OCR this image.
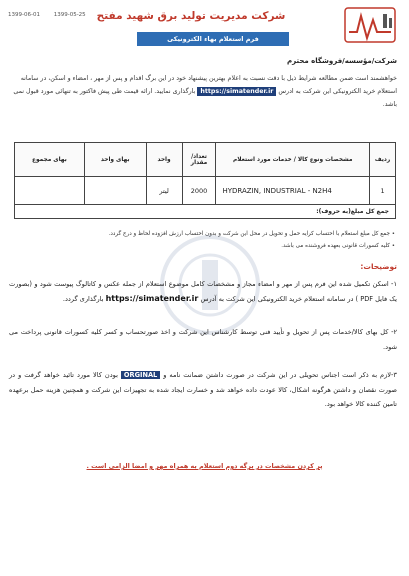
شرکت مدیریت تولید برق شهید مفتح
فرم استعلام بهاء الکترونیکی
1399-06-01	1399-05-25
شرکت/مؤسسه/فروشگاه محترم
خواهشمند است ضمن مطالعه شرایط ذیل با دقت نسبت به اعلام بهترین پیشنهاد خود در این برگ اقدام و پس از مهر ، امضاء و اسکن، در سامانه استعلام خرید الکترونیکی این شرکت به ادرس https://simatender.ir بارگذاری نمایید. ارائه قیمت طی پیش فاکتور به تنهائی مورد قبول نمی باشد.
ردیف	مشخصات ونوع کالا / خدمات مورد استعلام	تعداد/ مقدار	واحد	بهای واحد	بهای مجموع
1	HYDRAZIN, INDUSTRIAL - N2H4	2000	لیتر		
جمع کل مبلغ(به حروف):					
• جمع کل مبلغ استعلام با احتساب کرایه حمل و تحویل در محل این شرکت و بدون احتساب ارزش افزوده لحاظ و درج گردد.
• کلیه کسورات قانونی بعهده فروشنده می باشد.
توضیحات:
۱- اسکن تکمیل شده این فرم پس از مهر و امضاء مجاز و مشخصات کامل موضوع استعلام از جمله عکس و کاتالوگ پیوست شود و (بصورت یک فایل PDF ) در سامانه استعلام خرید الکترونیکی این شرکت به آدرس https://simatender.ir بارگذاری گردد.
۲- کل بهای کالا/خدمات پس از تحویل و تأیید فنی توسط کارشناس این شرکت و اخذ صورتحساب و کسر کلیه کسورات قانونی پرداخت می شود.
۳-لازم به ذکر است اجناس تحویلی در این شرکت در صورت داشتن ضمانت نامه و ORGINAL بودن کالا مورد تائید خواهد گرفت و در صورت نقصان و داشتن هرگونه اشکال، کالا عودت داده خواهد شد و خسارت ایجاد شده به تجهیزات این شرکت و همچنین هزینه حمل برعهده تامین کننده کالا خواهد بود.
پر کردن مشخصات در برگه دوم استعلام به همراه مهر و امضا الزامی است .
